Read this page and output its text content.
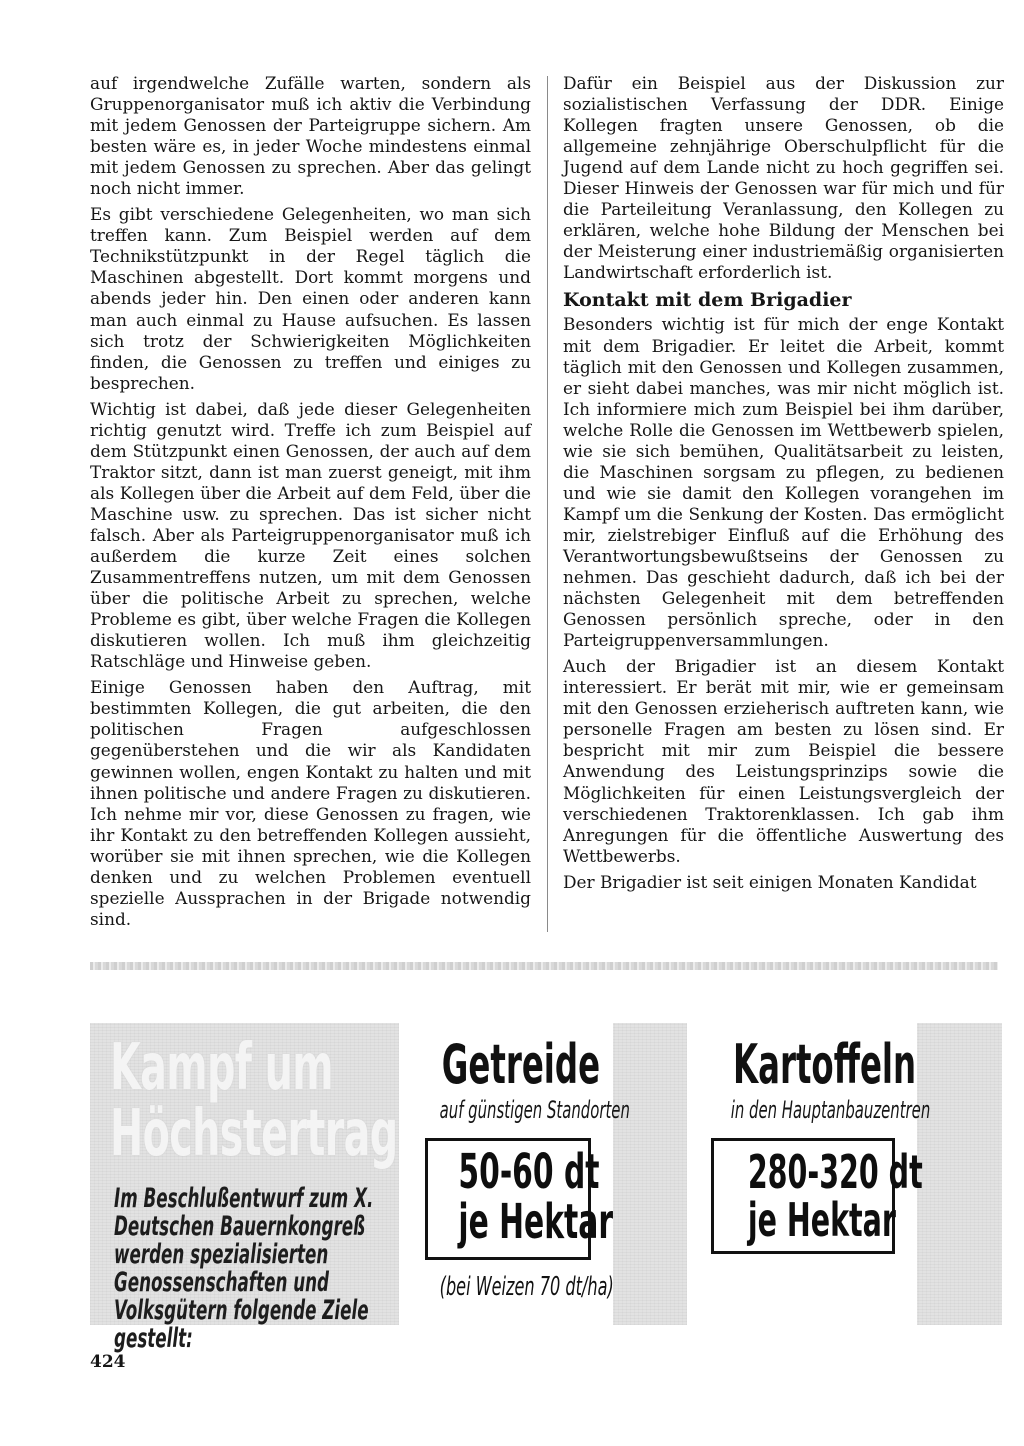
auf irgendwelche Zufälle warten, sondern als Gruppenorganisator muß ich aktiv die Verbindung mit jedem Genossen der Parteigruppe sichern. Am besten wäre es, in jeder Woche mindestens einmal mit jedem Genossen zu sprechen. Aber das gelingt noch nicht immer.

Es gibt verschiedene Gelegenheiten, wo man sich treffen kann. Zum Beispiel werden auf dem Technikstützpunkt in der Regel täglich die Maschinen abgestellt. Dort kommt morgens und abends jeder hin. Den einen oder anderen kann man auch einmal zu Hause aufsuchen. Es lassen sich trotz der Schwierigkeiten Möglichkeiten finden, die Genossen zu treffen und einiges zu besprechen.

Wichtig ist dabei, daß jede dieser Gelegenheiten richtig genutzt wird. Treffe ich zum Beispiel auf dem Stützpunkt einen Genossen, der auch auf dem Traktor sitzt, dann ist man zuerst geneigt, mit ihm als Kollegen über die Arbeit auf dem Feld, über die Maschine usw. zu sprechen. Das ist sicher nicht falsch. Aber als Parteigruppenorganisator muß ich außerdem die kurze Zeit eines solchen Zusammentreffens nutzen, um mit dem Genossen über die politische Arbeit zu sprechen, welche Probleme es gibt, über welche Fragen die Kollegen diskutieren wollen. Ich muß ihm gleichzeitig Ratschläge und Hinweise geben.

Einige Genossen haben den Auftrag, mit bestimmten Kollegen, die gut arbeiten, die den politischen Fragen aufgeschlossen gegenüberstehen und die wir als Kandidaten gewinnen wollen, engen Kontakt zu halten und mit ihnen politische und andere Fragen zu diskutieren. Ich nehme mir vor, diese Genossen zu fragen, wie ihr Kontakt zu den betreffenden Kollegen aussieht, worüber sie mit ihnen sprechen, wie die Kollegen denken und zu welchen Problemen eventuell spezielle Aussprachen in der Brigade notwendig sind.

Dafür ein Beispiel aus der Diskussion zur sozialistischen Verfassung der DDR. Einige Kollegen fragten unsere Genossen, ob die allgemeine zehnjährige Oberschulpflicht für die Jugend auf dem Lande nicht zu hoch gegriffen sei. Dieser Hinweis der Genossen war für mich und für die Parteileitung Veranlassung, den Kollegen zu erklären, welche hohe Bildung der Menschen bei der Meisterung einer industriemäßig organisierten Landwirtschaft erforderlich ist.

Kontakt mit dem Brigadier

Besonders wichtig ist für mich der enge Kontakt mit dem Brigadier. Er leitet die Arbeit, kommt täglich mit den Genossen und Kollegen zusammen, er sieht dabei manches, was mir nicht möglich ist. Ich informiere mich zum Beispiel bei ihm darüber, welche Rolle die Genossen im Wettbewerb spielen, wie sie sich bemühen, Qualitätsarbeit zu leisten, die Maschinen sorgsam zu pflegen, zu bedienen und wie sie damit den Kollegen vorangehen im Kampf um die Senkung der Kosten. Das ermöglicht mir, zielstrebiger Einfluß auf die Erhöhung des Verantwortungsbewußtseins der Genossen zu nehmen. Das geschieht dadurch, daß ich bei der nächsten Gelegenheit mit dem betreffenden Genossen persönlich spreche, oder in den Parteigruppenversammlungen.

Auch der Brigadier ist an diesem Kontakt interessiert. Er berät mit mir, wie er gemeinsam mit den Genossen erzieherisch auftreten kann, wie personelle Fragen am besten zu lösen sind. Er bespricht mit mir zum Beispiel die bessere Anwendung des Leistungsprinzips sowie die Möglichkeiten für einen Leistungsvergleich der verschiedenen Traktorenklassen. Ich gab ihm Anregungen für die öffentliche Auswertung des Wettbewerbs.

Der Brigadier ist seit einigen Monaten Kandidat

Kampf um
Höchstertrag
Im Beschlußentwurf zum X. Deutschen Bauernkongreß werden spezialisierten Genossenschaften und Volksgütern folgende Ziele gestellt:
Getreide
auf günstigen Standorten
50-60 dt
je Hektar
(bei Weizen 70 dt/ha)
Kartoffeln
in den Hauptanbauzentren
280-320 dt
je Hektar
424
